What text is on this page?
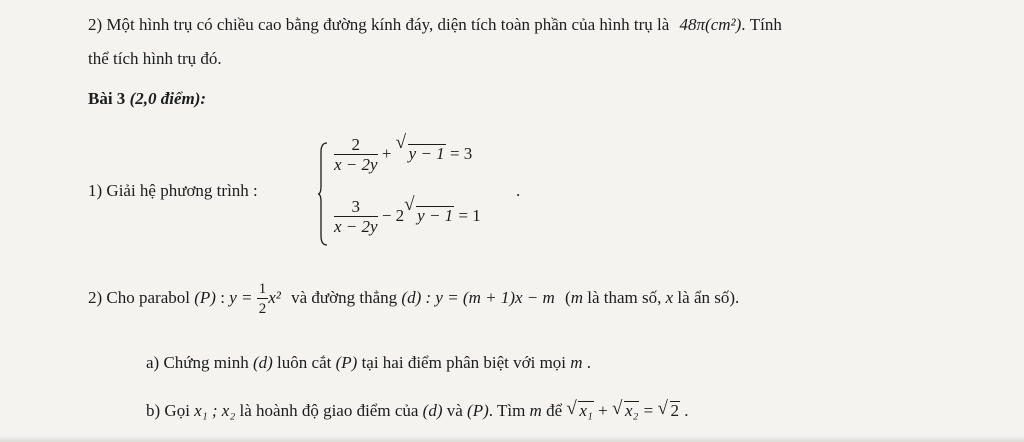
2) Một hình trụ có chiều cao bằng đường kính đáy, diện tích toàn phần của hình trụ là 48π(cm²). Tính
thể tích hình trụ đó.
Bài 3 (2,0 điểm):
1) Giải hệ phương trình :
$\frac{2}{x - 2y}$ + √ y − 1 = 3
$\frac{3}{x - 2y} - 2√$ y − 1 = 1
.
2) Cho parabol (P) : $y = \frac{1}{2} x^2$ và đường thẳng (d) : y = (m + 1)x − m (m là tham số, x là ẩn số).
a) Chứng minh (d) luôn cắt (P) tại hai điểm phân biệt với mọi m .
b) Gọi x₁ ; x₂ là hoành độ giao điểm của (d) và (P). Tìm m để √ x₁ + √ x₂ = √ 2 .
